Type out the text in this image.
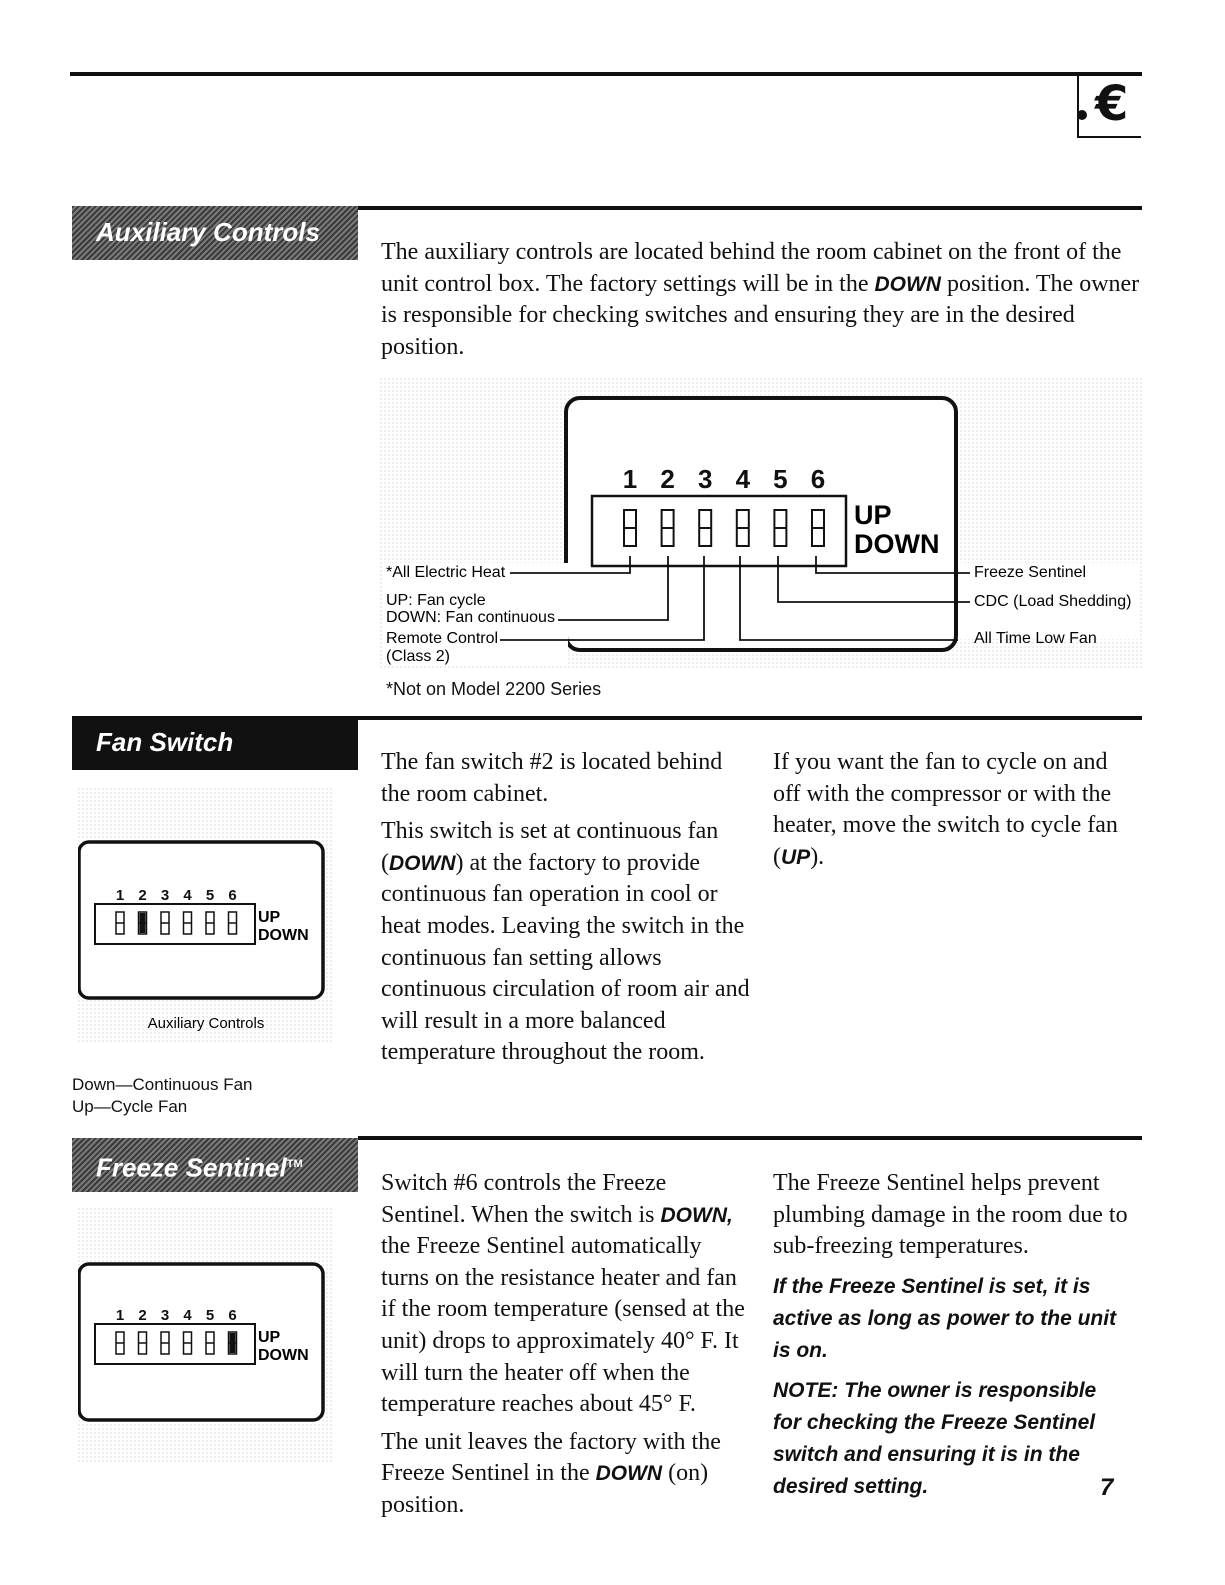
€
Auxiliary Controls

The auxiliary controls are located behind the room cabinet on the front of the unit control box. The factory settings will be in the DOWN position. The owner is responsible for checking switches and ensuring they are in the desired position.

1 2 3 4 5 6
UP
DOWN
*All Electric Heat
UP: Fan cycle
DOWN: Fan continuous
Remote Control
(Class 2)
Freeze Sentinel
CDC (Load Shedding)
All Time Low Fan
*Not on Model 2200 Series
Fan Switch

The fan switch #2 is located behind the room cabinet.

This switch is set at continuous fan (DOWN) at the factory to provide continuous fan operation in cool or heat modes. Leaving the switch in the continuous fan setting allows continuous circulation of room air and will result in a more balanced temperature throughout the room.

If you want the fan to cycle on and off with the compressor or with the heater, move the switch to cycle fan (UP).

1 2 3 4 5 6
UP
DOWN
Auxiliary Controls
Down—Continuous Fan
Up—Cycle Fan
Freeze Sentinel™

Switch #6 controls the Freeze Sentinel. When the switch is DOWN, the Freeze Sentinel automatically turns on the resistance heater and fan if the room temperature (sensed at the unit) drops to approximately 40° F. It will turn the heater off when the temperature reaches about 45° F.

The unit leaves the factory with the Freeze Sentinel in the DOWN (on) position.

The Freeze Sentinel helps prevent plumbing damage in the room due to sub-freezing temperatures.

If the Freeze Sentinel is set, it is active as long as power to the unit is on.

NOTE: The owner is responsible for checking the Freeze Sentinel switch and ensuring it is in the desired setting.

1 2 3 4 5 6
UP
DOWN
7
